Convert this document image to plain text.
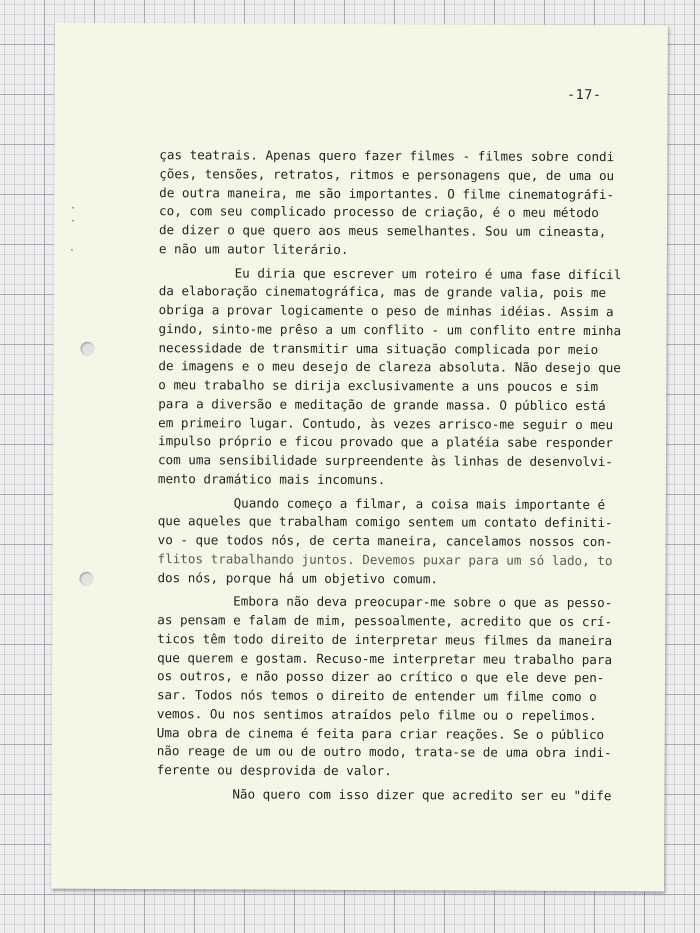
-17-
ças teatrais. Apenas quero fazer filmes - filmes sobre condi
ções, tensões, retratos, ritmos e personagens que, de uma ou
de outra maneira, me são importantes. O filme cinematográfi-
co, com seu complicado processo de criação, é o meu método
de dizer o que quero aos meus semelhantes. Sou um cineasta,
e não um autor literário.
Eu diria que escrever um roteiro é uma fase difícil
da elaboração cinematográfica, mas de grande valia, pois me
obriga a provar logicamente o peso de minhas idéias. Assim a
gindo, sinto-me prêso a um conflito - um conflito entre minha
necessidade de transmitir uma situação complicada por meio
de imagens e o meu desejo de clareza absoluta. Não desejo que
o meu trabalho se dirija exclusivamente a uns poucos e sim
para a diversão e meditação de grande massa. O público está
em primeiro lugar. Contudo, às vezes arrisco-me seguir o meu
impulso próprio e ficou provado que a platéia sabe responder
com uma sensibilidade surpreendente às linhas de desenvolvi-
mento dramático mais incomuns.
Quando começo a filmar, a coisa mais importante é
que aqueles que trabalham comigo sentem um contato definiti-
vo - que todos nós, de certa maneira, cancelamos nossos con-
flitos trabalhando juntos. Devemos puxar para um só lado, to
dos nós, porque há um objetivo comum.
Embora não deva preocupar-me sobre o que as pesso-
as pensam e falam de mim, pessoalmente, acredito que os crí-
ticos têm todo direito de interpretar meus filmes da maneira
que querem e gostam. Recuso-me interpretar meu trabalho para
os outros, e não posso dizer ao crítico o que ele deve pen-
sar. Todos nós temos o direito de entender um filme como o
vemos. Ou nos sentimos atraídos pelo filme ou o repelimos.
Uma obra de cinema é feita para criar reações. Se o público
não reage de um ou de outro modo, trata-se de uma obra indi-
ferente ou desprovida de valor.
Não quero com isso dizer que acredito ser eu "dife
